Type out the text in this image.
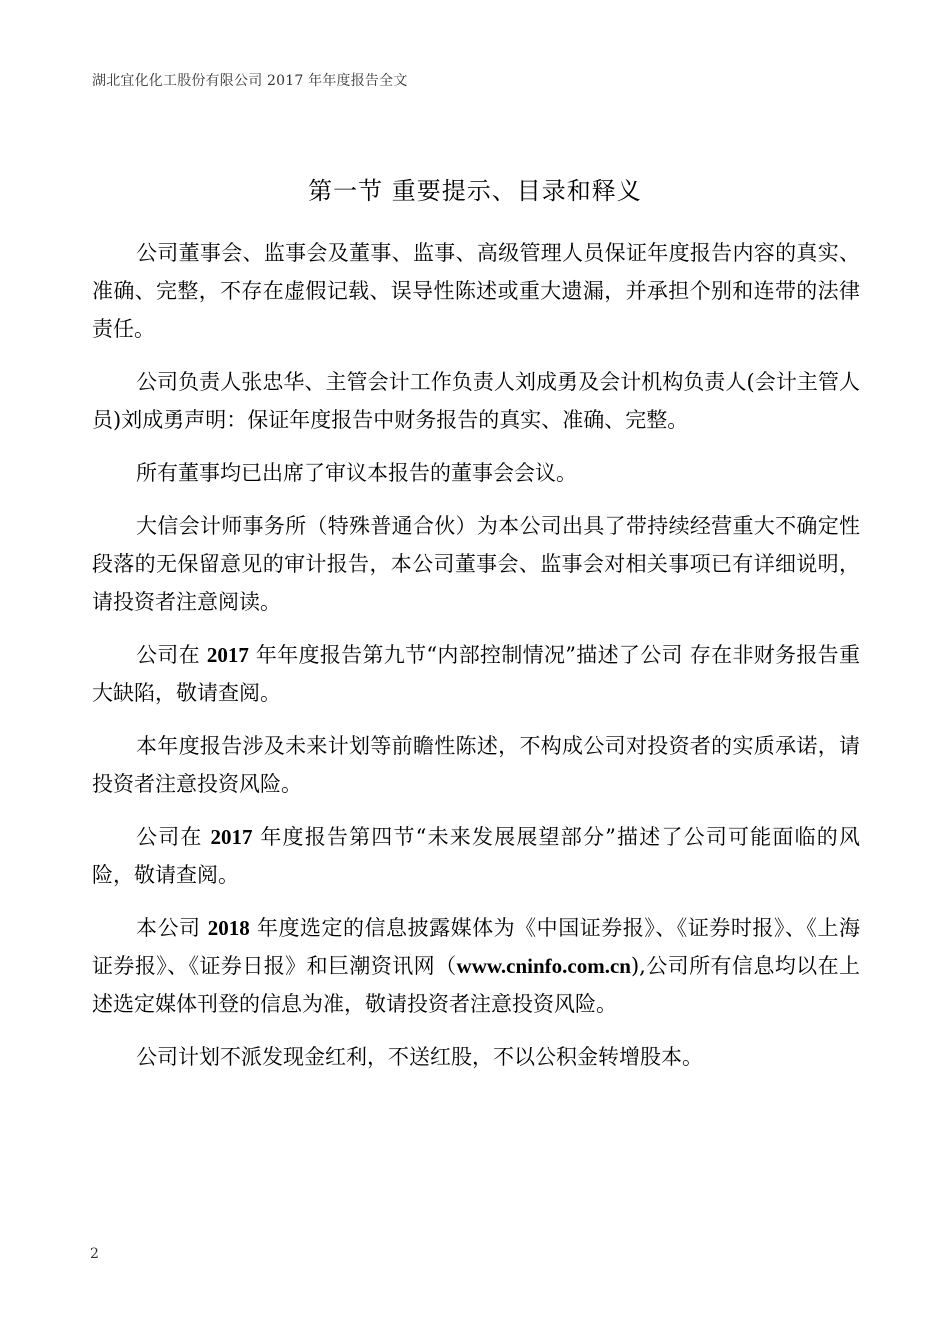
湖北宜化化工股份有限公司 2017 年年度报告全文
第一节 重要提示、目录和释义

公司董事会、监事会及董事、监事、高级管理人员保证年度报告内容的真实、准确、完整，不存在虚假记载、误导性陈述或重大遗漏，并承担个别和连带的法律责任。

公司负责人张忠华、主管会计工作负责人刘成勇及会计机构负责人(会计主管人员)刘成勇声明：保证年度报告中财务报告的真实、准确、完整。

所有董事均已出席了审议本报告的董事会会议。

大信会计师事务所（特殊普通合伙）为本公司出具了带持续经营重大不确定性段落的无保留意见的审计报告，本公司董事会、监事会对相关事项已有详细说明，请投资者注意阅读。

公司在 2017 年年度报告第九节“内部控制情况”描述了公司 存在非财务报告重大缺陷，敬请查阅。

本年度报告涉及未来计划等前瞻性陈述，不构成公司对投资者的实质承诺，请投资者注意投资风险。

公司在 2017 年度报告第四节“未来发展展望部分”描述了公司可能面临的风险，敬请查阅。

本公司 2018 年度选定的信息披露媒体为《中国证券报》、《证券时报》、《上海证券报》、《证券日报》和巨潮资讯网（www.cninfo.com.cn),公司所有信息均以在上述选定媒体刊登的信息为准，敬请投资者注意投资风险。

公司计划不派发现金红利，不送红股，不以公积金转增股本。

2
